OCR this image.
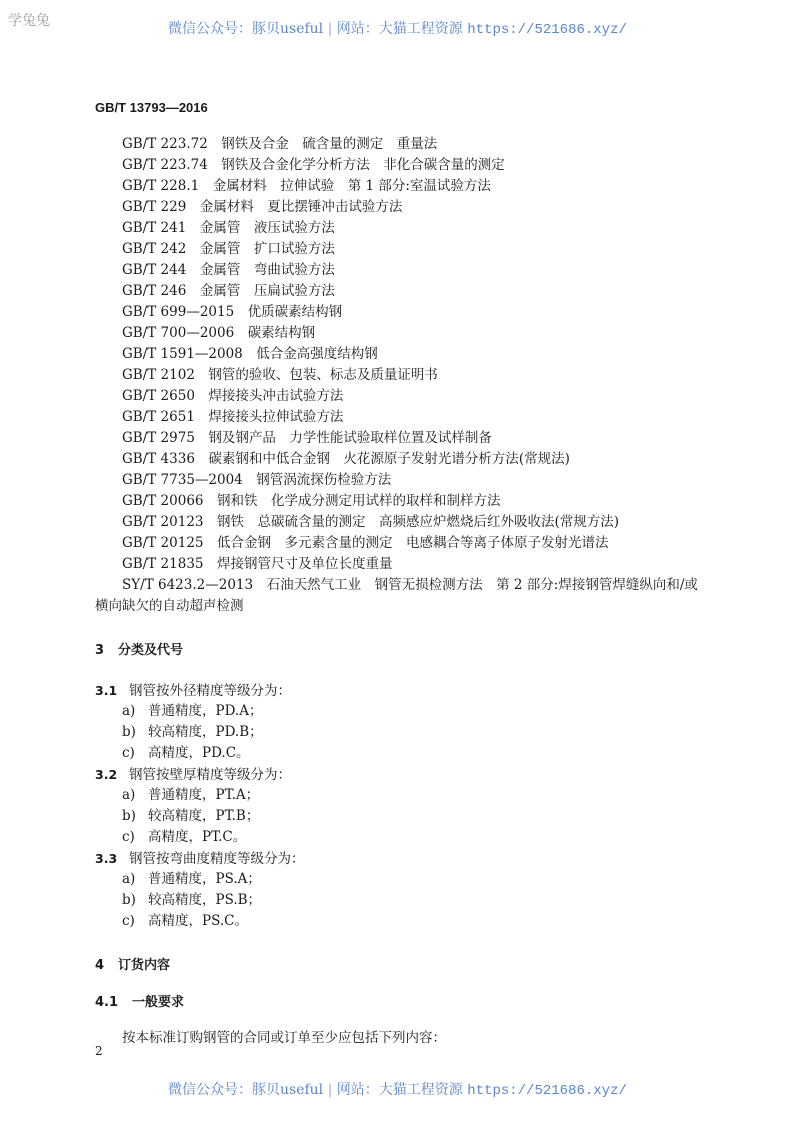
学兔兔	微信公众号：豚贝useful | 网站：大猫工程资源 https://521686.xyz/
GB/T 13793—2016
GB/T 223.72　钢铁及合金　硫含量的测定　重量法
GB/T 223.74　钢铁及合金化学分析方法　非化合碳含量的测定
GB/T 228.1　金属材料　拉伸试验　第 1 部分:室温试验方法
GB/T 229　金属材料　夏比摆锤冲击试验方法
GB/T 241　金属管　液压试验方法
GB/T 242　金属管　扩口试验方法
GB/T 244　金属管　弯曲试验方法
GB/T 246　金属管　压扁试验方法
GB/T 699—2015　优质碳素结构钢
GB/T 700—2006　碳素结构钢
GB/T 1591—2008　低合金高强度结构钢
GB/T 2102　钢管的验收、包装、标志及质量证明书
GB/T 2650　焊接接头冲击试验方法
GB/T 2651　焊接接头拉伸试验方法
GB/T 2975　钢及钢产品　力学性能试验取样位置及试样制备
GB/T 4336　碳素钢和中低合金钢　火花源原子发射光谱分析方法(常规法)
GB/T 7735—2004　钢管涡流探伤检验方法
GB/T 20066　钢和铁　化学成分测定用试样的取样和制样方法
GB/T 20123　钢铁　总碳硫含量的测定　高频感应炉燃烧后红外吸收法(常规方法)
GB/T 20125　低合金钢　多元素含量的测定　电感耦合等离子体原子发射光谱法
GB/T 21835　焊接钢管尺寸及单位长度重量
SY/T 6423.2—2013　石油天然气工业　钢管无损检测方法　第 2 部分:焊接钢管焊缝纵向和/或
横向缺欠的自动超声检测
3 分类及代号
3.1 钢管按外径精度等级分为：
a) 普通精度，PD.A；
b) 较高精度，PD.B；
c) 高精度，PD.C。
3.2 钢管按壁厚精度等级分为：
a) 普通精度，PT.A；
b) 较高精度，PT.B；
c) 高精度，PT.C。
3.3 钢管按弯曲度精度等级分为：
a) 普通精度，PS.A；
b) 较高精度，PS.B；
c) 高精度，PS.C。
4 订货内容
4.1 一般要求
按本标准订购钢管的合同或订单至少应包括下列内容：
2
微信公众号：豚贝useful | 网站：大猫工程资源 https://521686.xyz/
